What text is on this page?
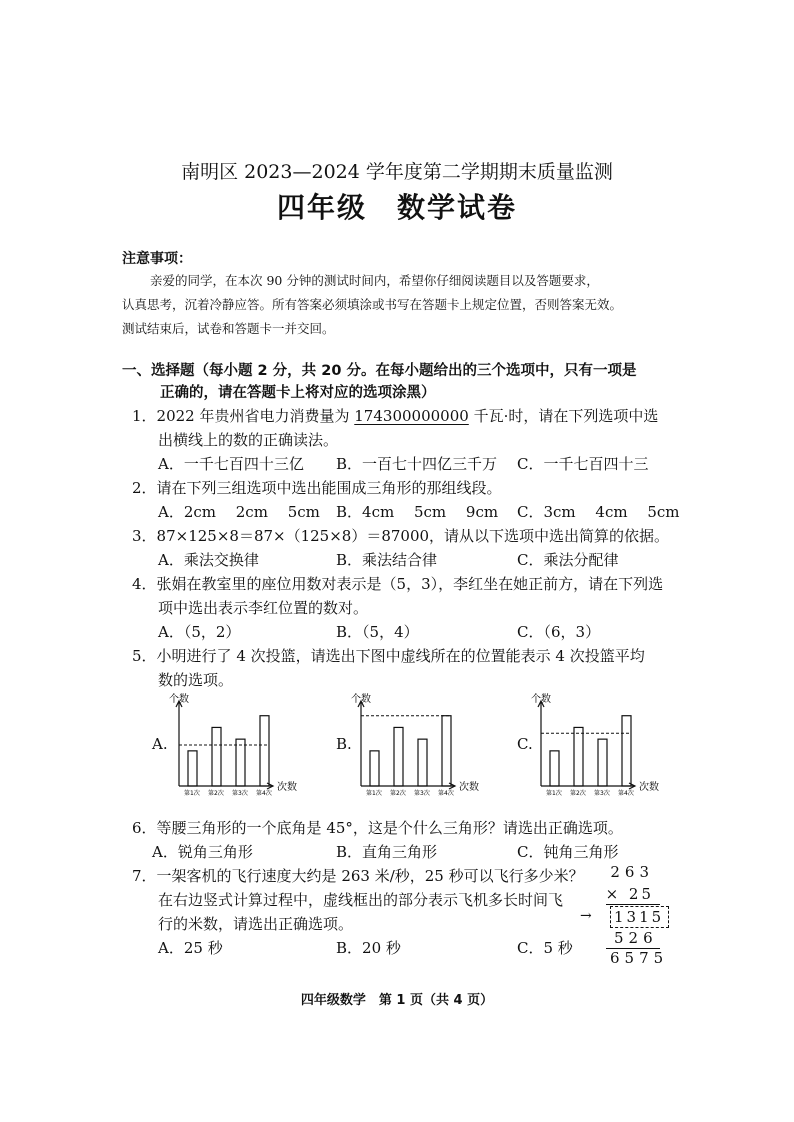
南明区 2023—2024 学年度第二学期期末质量监测
四年级　数学试卷
注意事项：
亲爱的同学，在本次 90 分钟的测试时间内，希望你仔细阅读题目以及答题要求，
认真思考，沉着冷静应答。所有答案必须填涂或书写在答题卡上规定位置，否则答案无效。
测试结束后，试卷和答题卡一并交回。
一、选择题（每小题 2 分，共 20 分。在每小题给出的三个选项中，只有一项是
正确的，请在答题卡上将对应的选项涂黑）
1．2022 年贵州省电力消费量为 174300000000 千瓦·时，请在下列选项中选
出横线上的数的正确读法。
A．一千七百四十三亿 B．一百七十四亿三千万 C．一千七百四十三
2．请在下列三组选项中选出能围成三角形的那组线段。
A．2cm　 2cm　 5cm B．4cm　 5cm　 9cm C．3cm　 4cm　 5cm
3．87×125×8＝87×（125×8）＝87000，请从以下选项中选出简算的依据。
A．乘法交换律	B．乘法结合律	C．乘法分配律
4．张娟在教室里的座位用数对表示是（5，3），李红坐在她正前方，请在下列选
项中选出表示李红位置的数对。
A．（5，2）	B．（5，4）	C．（6，3）
5．小明进行了 4 次投篮，请选出下图中虚线所在的位置能表示 4 次投篮平均
数的选项。
A.	B.	C.
个数
次数
第1次 第2次 第3次 第4次
个数
次数
第1次 第2次 第3次 第4次
个数
次数
第1次 第2次 第3次 第4次
6．等腰三角形的一个底角是 45°，这是个什么三角形？请选出正确选项。
A．锐角三角形	B．直角三角形	C．钝角三角形
7．一架客机的飞行速度大约是 263 米/秒，25 秒可以飞行多少米？
在右边竖式计算过程中，虚线框出的部分表示飞机多长时间飞
行的米数，请选出正确选项。
A．25 秒	B．20 秒	C．5 秒
263
× 25
→ 1315
526
6575
四年级数学　第 1 页（共 4 页）
